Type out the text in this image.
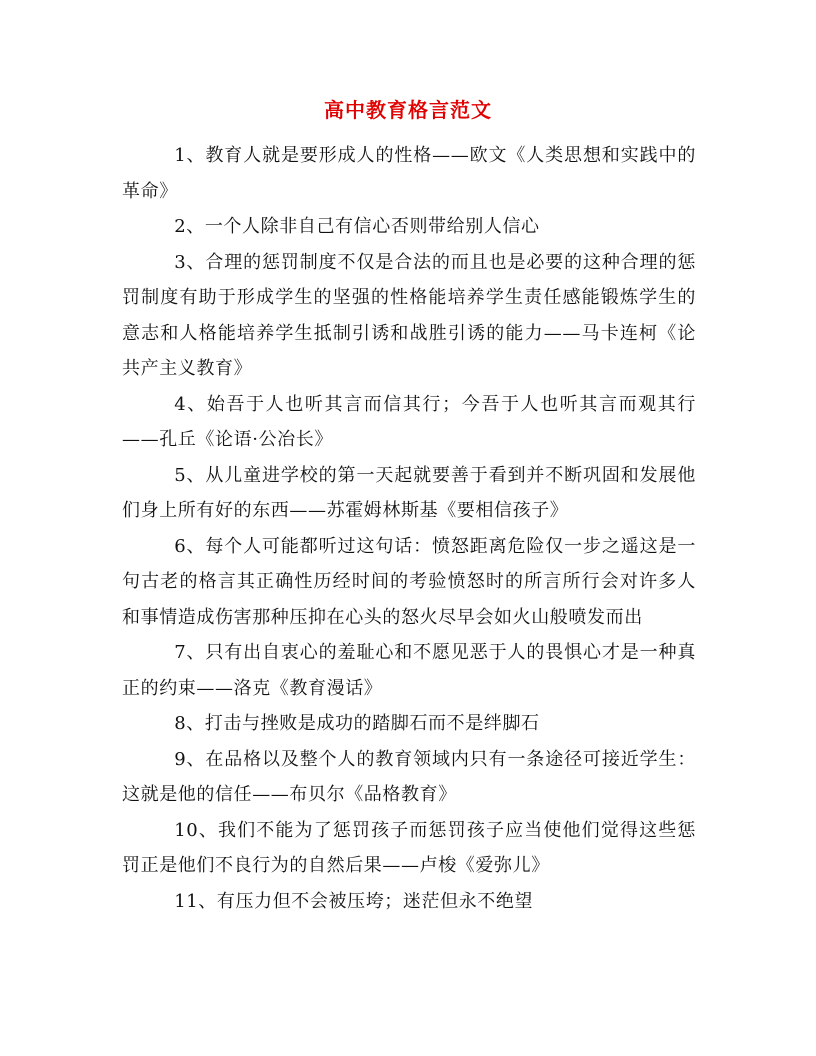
高中教育格言范文

1、教育人就是要形成人的性格——欧文《人类思想和实践中的革命》

2、一个人除非自己有信心否则带给别人信心

3、合理的惩罚制度不仅是合法的而且也是必要的这种合理的惩罚制度有助于形成学生的坚强的性格能培养学生责任感能锻炼学生的意志和人格能培养学生抵制引诱和战胜引诱的能力——马卡连柯《论共产主义教育》

4、始吾于人也听其言而信其行；今吾于人也听其言而观其行——孔丘《论语·公冶长》

5、从儿童进学校的第一天起就要善于看到并不断巩固和发展他们身上所有好的东西——苏霍姆林斯基《要相信孩子》

6、每个人可能都听过这句话：愤怒距离危险仅一步之遥这是一句古老的格言其正确性历经时间的考验愤怒时的所言所行会对许多人和事情造成伤害那种压抑在心头的怒火尽早会如火山般喷发而出

7、只有出自衷心的羞耻心和不愿见恶于人的畏惧心才是一种真正的约束——洛克《教育漫话》

8、打击与挫败是成功的踏脚石而不是绊脚石

9、在品格以及整个人的教育领域内只有一条途径可接近学生：这就是他的信任——布贝尔《品格教育》

10、我们不能为了惩罚孩子而惩罚孩子应当使他们觉得这些惩罚正是他们不良行为的自然后果——卢梭《爱弥儿》

11、有压力但不会被压垮；迷茫但永不绝望
